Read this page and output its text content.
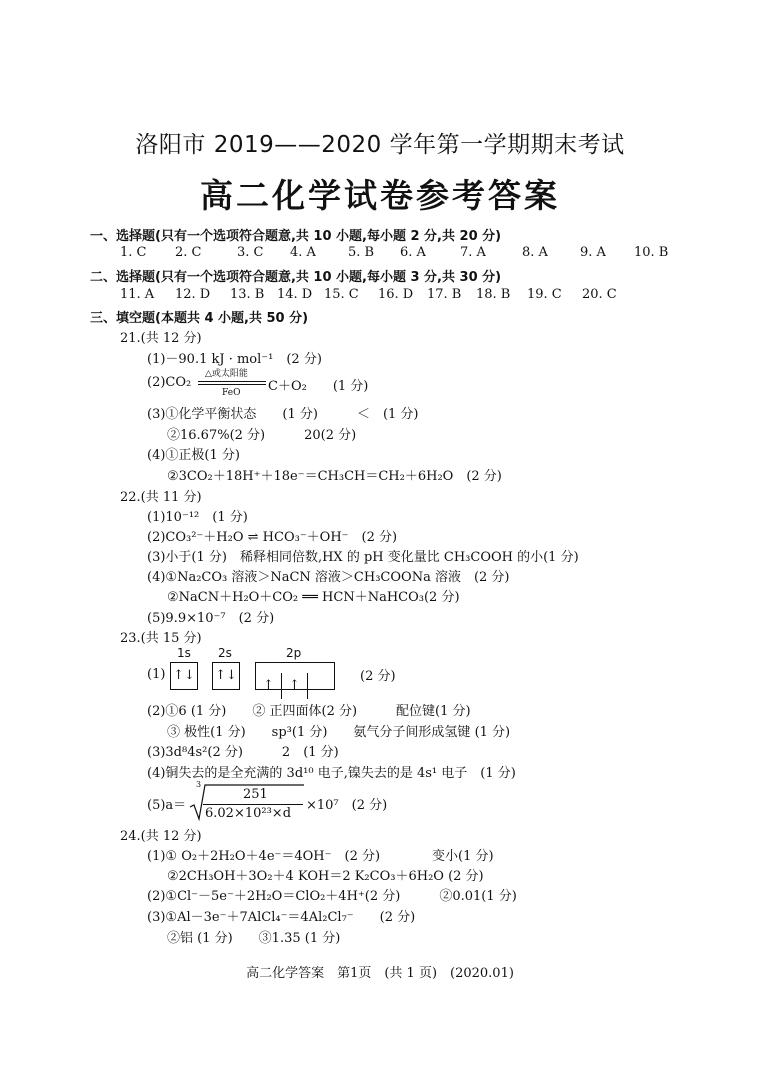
洛阳市 2019——2020 学年第一学期期末考试
高二化学试卷参考答案
一、选择题(只有一个选项符合题意,共 10 小题,每小题 2 分,共 20 分)
1. C 2. C	3. C 4. A 5. B 6. A	7. A	8. A 9. A 10. B
二、选择题(只有一个选项符合题意,共 10 小题,每小题 3 分,共 30 分)
11. A 12. D 13. B 14. D 15. C 16. D 17. B 18. B 19. C 20. C
三、填空题(本题共 4 小题,共 50 分)
21.(共 12 分)
(1)－90.1 kJ · mol⁻¹　(2 分)
(2)CO₂
△或太阳能
FeO C＋O₂　　(1 分)
(3)①化学平衡状态　　(1 分)　　　＜　(1 分)
②16.67%(2 分)　　　20(2 分)
(4)①正极(1 分)
②3CO₂＋18H⁺＋18e⁻＝CH₃CH＝CH₂＋6H₂O　(2 分)
22.(共 11 分)
(1)10⁻¹²　(1 分)
(2)CO₃²⁻＋H₂O ⇌ HCO₃⁻＋OH⁻　(2 分)
(3)小于(1 分)　稀释相同倍数,HX 的 pH 变化量比 CH₃COOH 的小(1 分)
(4)①Na₂CO₃ 溶液＞NaCN 溶液＞CH₃COONa 溶液　(2 分)
②NaCN＋H₂O＋CO₂ ══ HCN＋NaHCO₃(2 分)
(5)9.9×10⁻⁷　(2 分)
23.(共 15 分)
(1)
1s
↑↓
2s
↑↓
2p
↑ ↑
(2 分)
(2)①6 (1 分)　　② 正四面体(2 分)　　　配位键(1 分)
③ 极性(1 分)　　sp³(1 分)　　氨气分子间形成氢键 (1 分)
(3)3d⁸4s²(2 分)　　　2　(1 分)
(4)铜失去的是全充满的 3d¹⁰ 电子,镍失去的是 4s¹ 电子　(1 分)
(5)a＝
3
251
6.02×10²³×d
×10⁷　(2 分)
24.(共 12 分)
(1)① O₂＋2H₂O＋4e⁻＝4OH⁻　(2 分)　　　　变小(1 分)
②2CH₃OH＋3O₂＋4 KOH＝2 K₂CO₃＋6H₂O (2 分)
(2)①Cl⁻－5e⁻＋2H₂O＝ClO₂＋4H⁺(2 分)　　　②0.01(1 分)
(3)①Al－3e⁻＋7AlCl₄⁻＝4Al₂Cl₇⁻　　(2 分)
②铝 (1 分)　　③1.35 (1 分)
高二化学答案　第1页　(共 1 页)　(2020.01)
